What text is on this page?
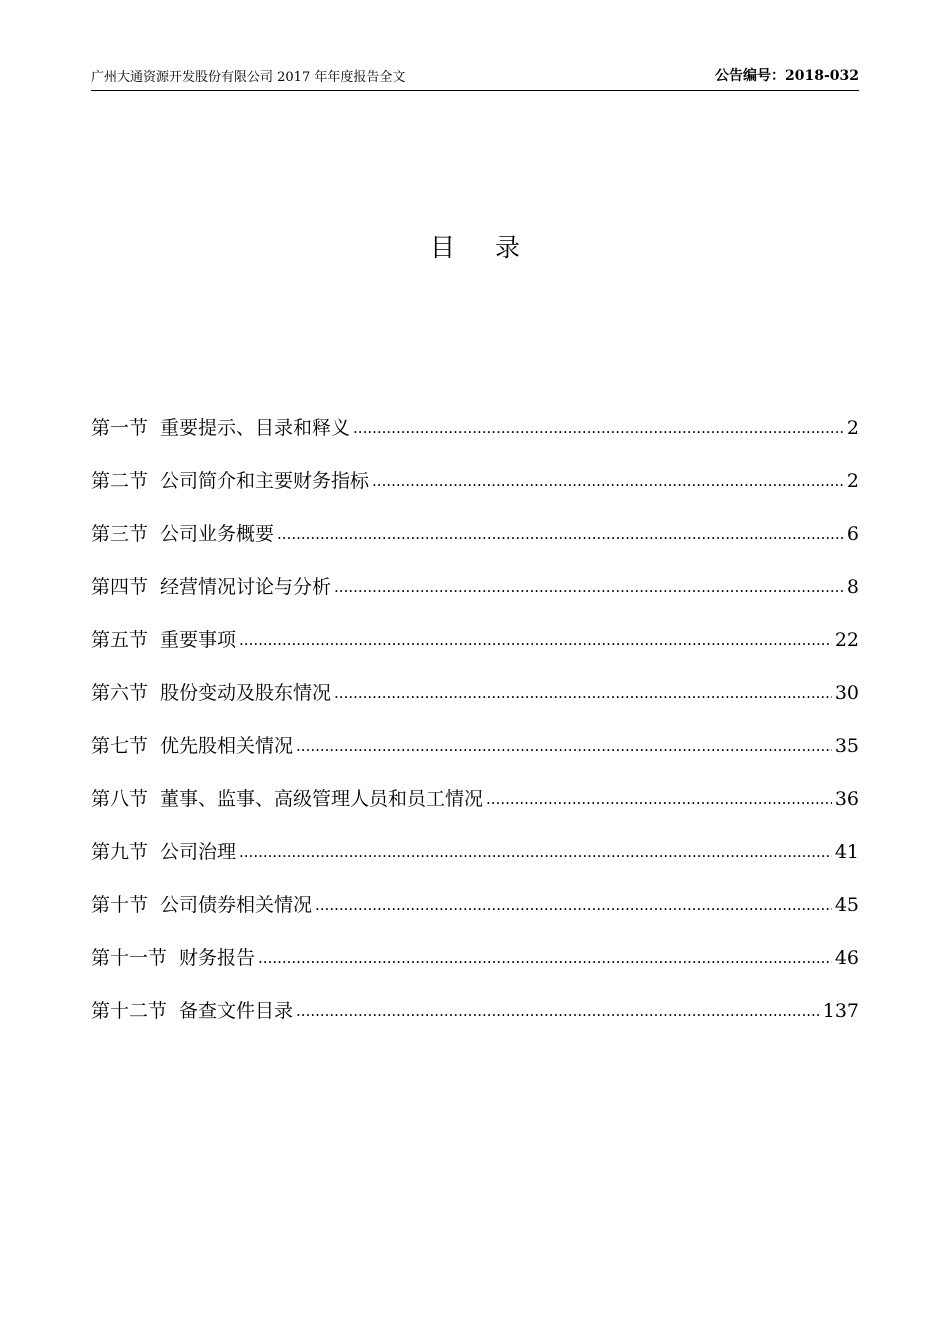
广州大通资源开发股份有限公司 2017 年年度报告全文	公告编号：2018-032
目录
第一节 重要提示、目录和释义 .....	2
第二节 公司简介和主要财务指标 .....	2
第三节 公司业务概要 .....	6
第四节 经营情况讨论与分析 .....	8
第五节 重要事项 .....	22
第六节 股份变动及股东情况 .....	30
第七节 优先股相关情况 .....	35
第八节 董事、监事、高级管理人员和员工情况 .....	36
第九节 公司治理 .....	41
第十节 公司债券相关情况 .....	45
第十一节 财务报告 .....	46
第十二节 备查文件目录 .....	137
